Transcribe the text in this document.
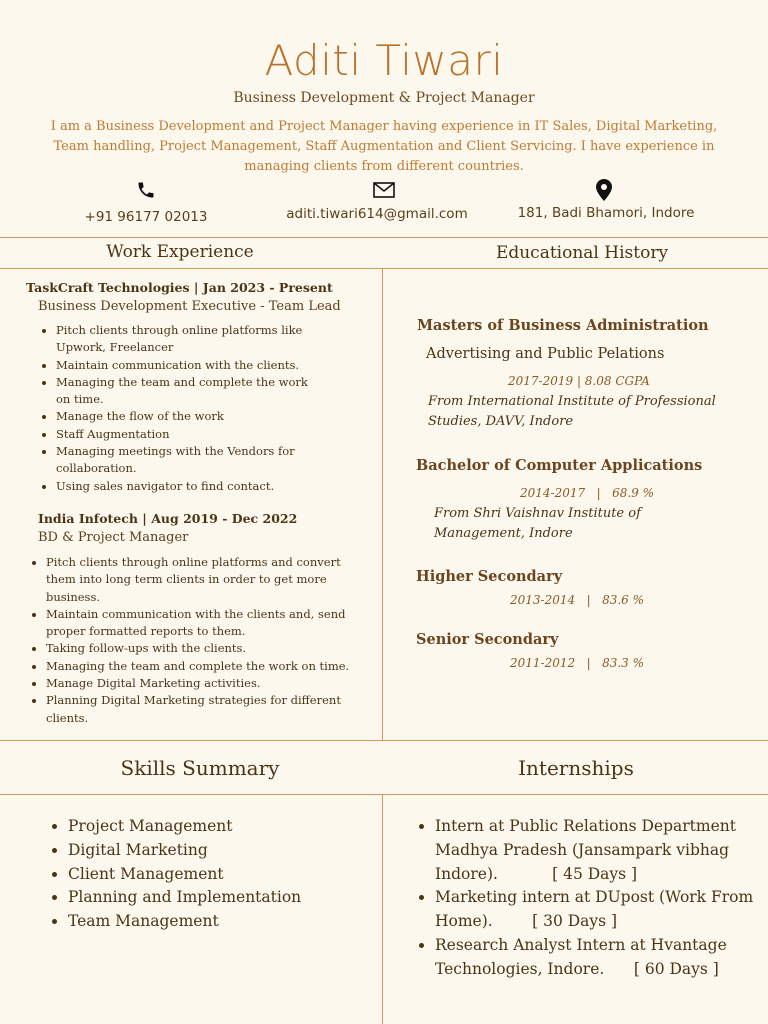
Aditi Tiwari
Business Development & Project Manager
I am a Business Development and Project Manager having experience in IT Sales, Digital Marketing, Team handling, Project Management, Staff Augmentation and Client Servicing. I have experience in managing clients from different countries.
+91 96177 02013	aditi.tiwari614@gmail.com	181, Badi Bhamori, Indore
Work Experience	Educational History
TaskCraft Technologies | Jan 2023 - Present
Business Development Executive - Team Lead
• Pitch clients through online platforms like Upwork, Freelancer
• Maintain communication with the clients.
• Managing the team and complete the work on time.
• Manage the flow of the work
• Staff Augmentation
• Managing meetings with the Vendors for collaboration.
• Using sales navigator to find contact.
India Infotech | Aug 2019 - Dec 2022
BD & Project Manager
• Pitch clients through online platforms and convert them into long term clients in order to get more business.
• Maintain communication with the clients and, send proper formatted reports to them.
• Taking follow-ups with the clients.
• Managing the team and complete the work on time.
• Manage Digital Marketing activities.
• Planning Digital Marketing strategies for different clients.
Masters of Business Administration
Advertising and Public Pelations
2017-2019 | 8.08 CGPA
From International Institute of Professional Studies, DAVV, Indore
Bachelor of Computer Applications
2014-2017   |   68.9 %
From Shri Vaishnav Institute of Management, Indore
Higher Secondary
2013-2014   |   83.6 %
Senior Secondary
2011-2012   |   83.3 %
Skills Summary	Internships
• Project Management
• Digital Marketing
• Client Management
• Planning and Implementation
• Team Management
• Intern at Public Relations Department Madhya Pradesh (Jansampark vibhag Indore).           [ 45 Days ]
• Marketing intern at DUpost (Work From Home).        [ 30 Days ]
• Research Analyst Intern at Hvantage Technologies, Indore.      [ 60 Days ]
